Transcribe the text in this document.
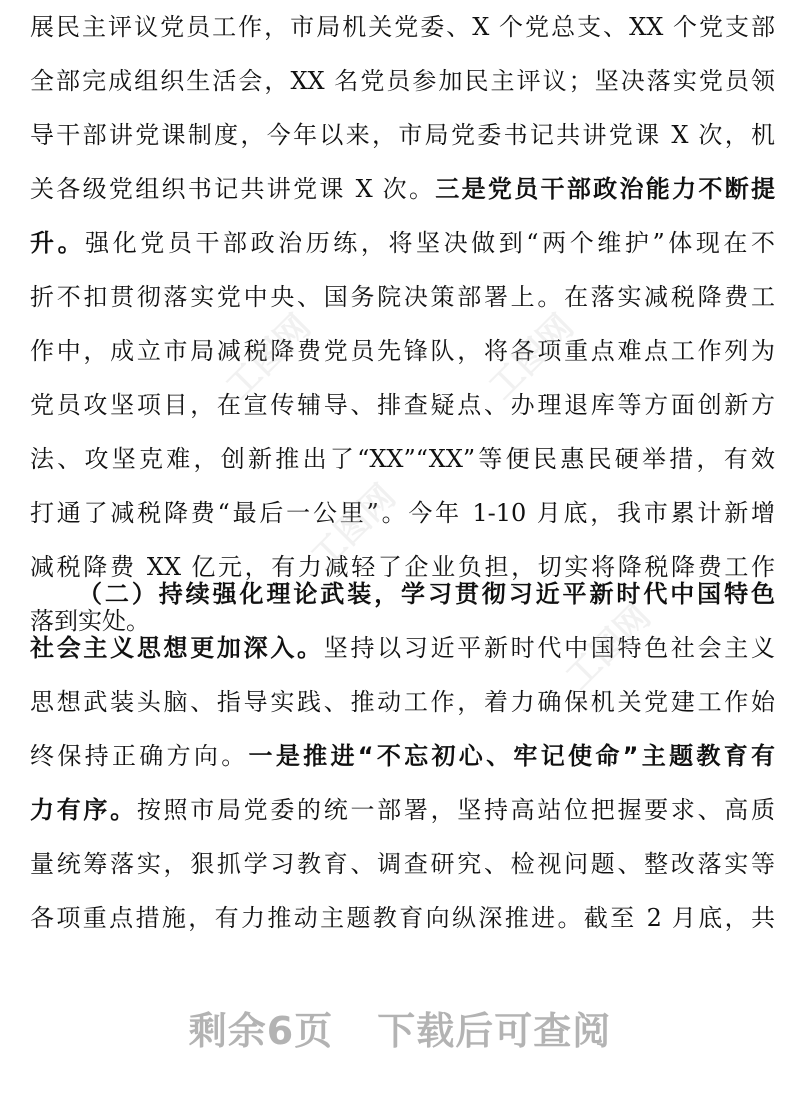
展民主评议党员工作，市局机关党委、X 个党总支、XX 个党支部
全部完成组织生活会，XX 名党员参加民主评议；坚决落实党员领
导干部讲党课制度，今年以来，市局党委书记共讲党课 X 次，机
关各级党组织书记共讲党课 X 次。三是党员干部政治能力不断提
升。强化党员干部政治历练，将坚决做到“两个维护”体现在不
折不扣贯彻落实党中央、国务院决策部署上。在落实减税降费工
作中，成立市局减税降费党员先锋队，将各项重点难点工作列为
党员攻坚项目，在宣传辅导、排查疑点、办理退库等方面创新方
法、攻坚克难，创新推出了“XX”“XX”等便民惠民硬举措，有效
打通了减税降费“最后一公里”。今年 1-10 月底，我市累计新增
减税降费 XX 亿元，有力减轻了企业负担，切实将降税降费工作
落到实处。
（二）持续强化理论武装，学习贯彻习近平新时代中国特色
社会主义思想更加深入。坚持以习近平新时代中国特色社会主义
思想武装头脑、指导实践、推动工作，着力确保机关党建工作始
终保持正确方向。一是推进“不忘初心、牢记使命”主题教育有
力有序。按照市局党委的统一部署，坚持高站位把握要求、高质
量统筹落实，狠抓学习教育、调查研究、检视问题、整改落实等
各项重点措施，有力推动主题教育向纵深推进。截至 2 月底，共
工图网	工图网
工图网
工图网
剩余6页 下载后可查阅
